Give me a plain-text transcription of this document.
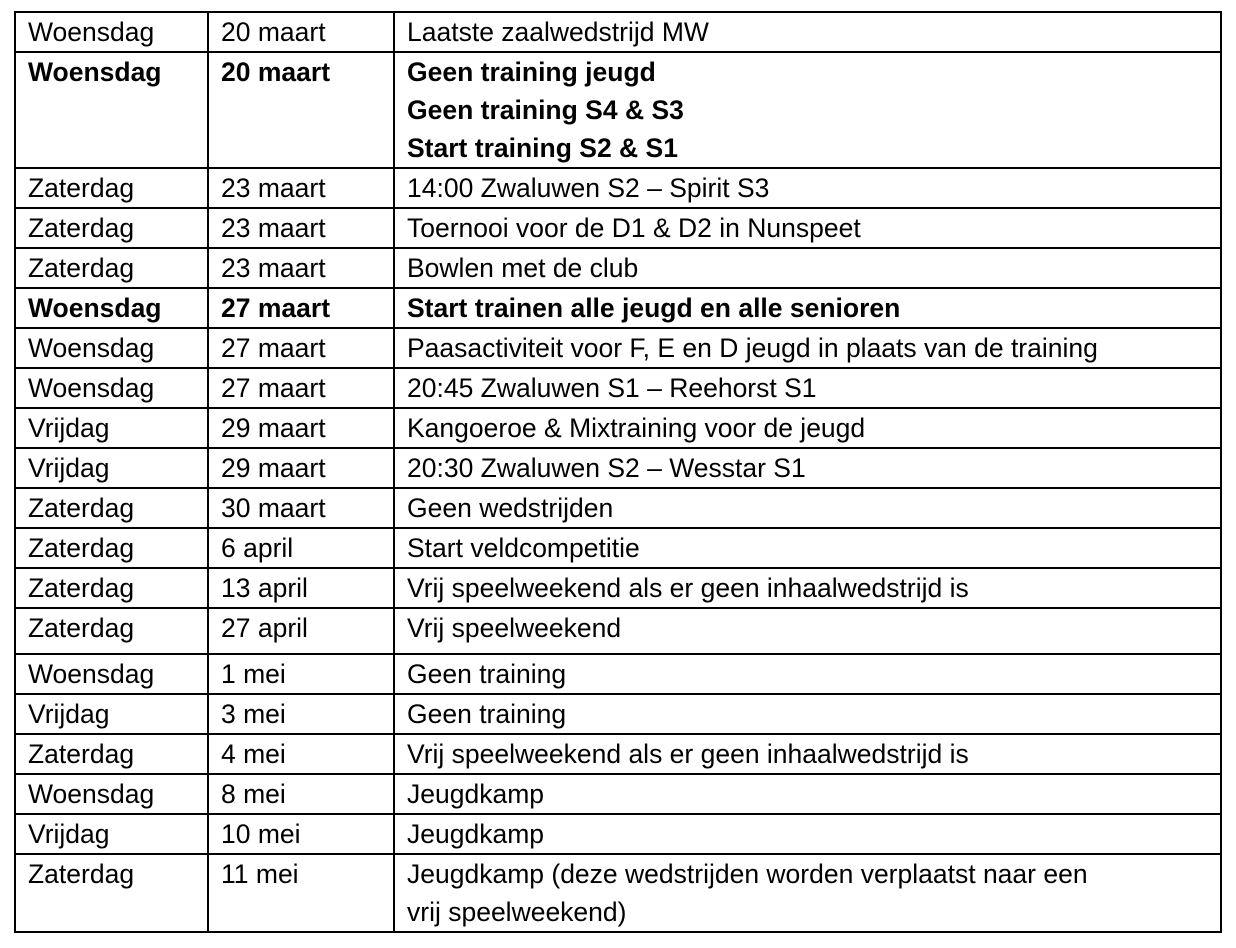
Woensdag	20 maart	Laatste zaalwedstrijd MW

Woensdag	20 maart	Geen training jeugd
Geen training S4 & S3
Start training S2 & S1

Zaterdag	23 maart	14:00 Zwaluwen S2 – Spirit S3

Zaterdag	23 maart	Toernooi voor de D1 & D2 in Nunspeet

Zaterdag	23 maart	Bowlen met de club

Woensdag	27 maart	Start trainen alle jeugd en alle senioren

Woensdag	27 maart	Paasactiviteit voor F, E en D jeugd in plaats van de training

Woensdag	27 maart	20:45 Zwaluwen S1 – Reehorst S1

Vrijdag	29 maart	Kangoeroe & Mixtraining voor de jeugd

Vrijdag	29 maart	20:30 Zwaluwen S2 – Wesstar S1

Zaterdag	30 maart	Geen wedstrijden

Zaterdag	6 april	Start veldcompetitie

Zaterdag	13 april	Vrij speelweekend als er geen inhaalwedstrijd is

Zaterdag	27 april	Vrij speelweekend

Woensdag	1 mei	Geen training

Vrijdag	3 mei	Geen training

Zaterdag	4 mei	Vrij speelweekend als er geen inhaalwedstrijd is

Woensdag	8 mei	Jeugdkamp

Vrijdag	10 mei	Jeugdkamp

Zaterdag	11 mei	Jeugdkamp (deze wedstrijden worden verplaatst naar een
vrij speelweekend)
